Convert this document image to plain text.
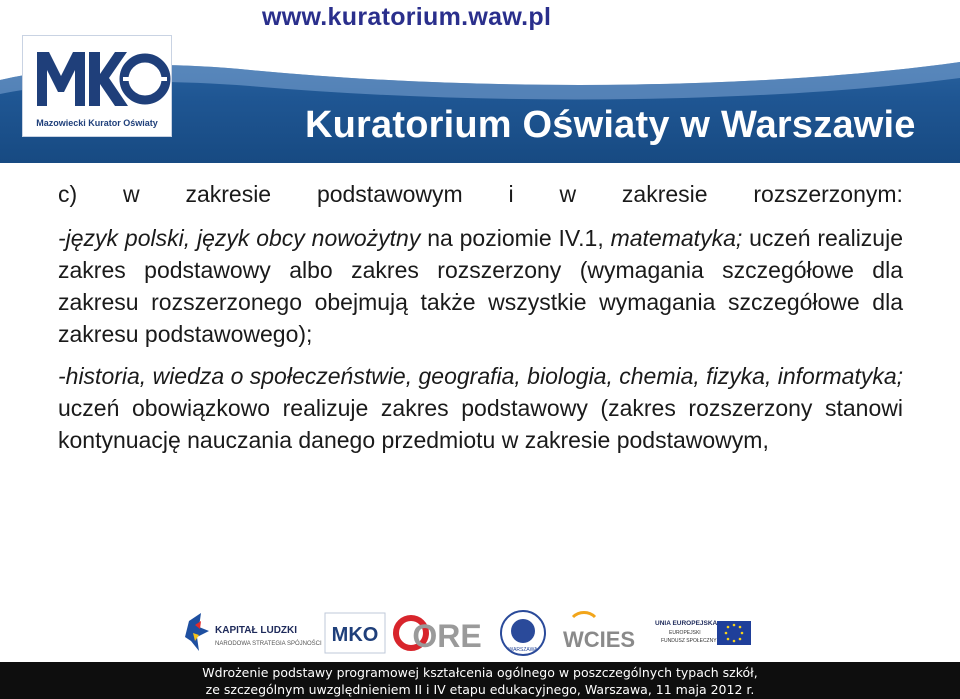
www.kuratorium.waw.pl
Mazowiecki Kurator Oświaty	Kuratorium Oświaty w Warszawie
c) w zakresie podstawowym i w zakresie rozszerzonym:

-język polski, język obcy nowożytny na poziomie IV.1, matematyka; uczeń realizuje zakres podstawowy albo zakres rozszerzony (wymagania szczegółowe dla zakresu rozszerzonego obejmują także wszystkie wymagania szczegółowe dla zakresu podstawowego);

-historia, wiedza o społeczeństwie, geografia, biologia, chemia, fizyka, informatyka; uczeń obowiązkowo realizuje zakres podstawowy (zakres rozszerzony stanowi kontynuację nauczania danego przedmiotu w zakresie podstawowym,

KAPITAŁ LUDZKI
NARODOWA STRATEGIA SPÓJNOŚCI MKO ORE	WARSZAWA WCIES
UNIA EUROPEJSKA
EUROPEJSKI
FUNDUSZ SPOŁECZNY
Wdrożenie podstawy programowej kształcenia ogólnego w poszczególnych typach szkół,
ze szczególnym uwzględnieniem II i IV etapu edukacyjnego, Warszawa, 11 maja 2012 r.
